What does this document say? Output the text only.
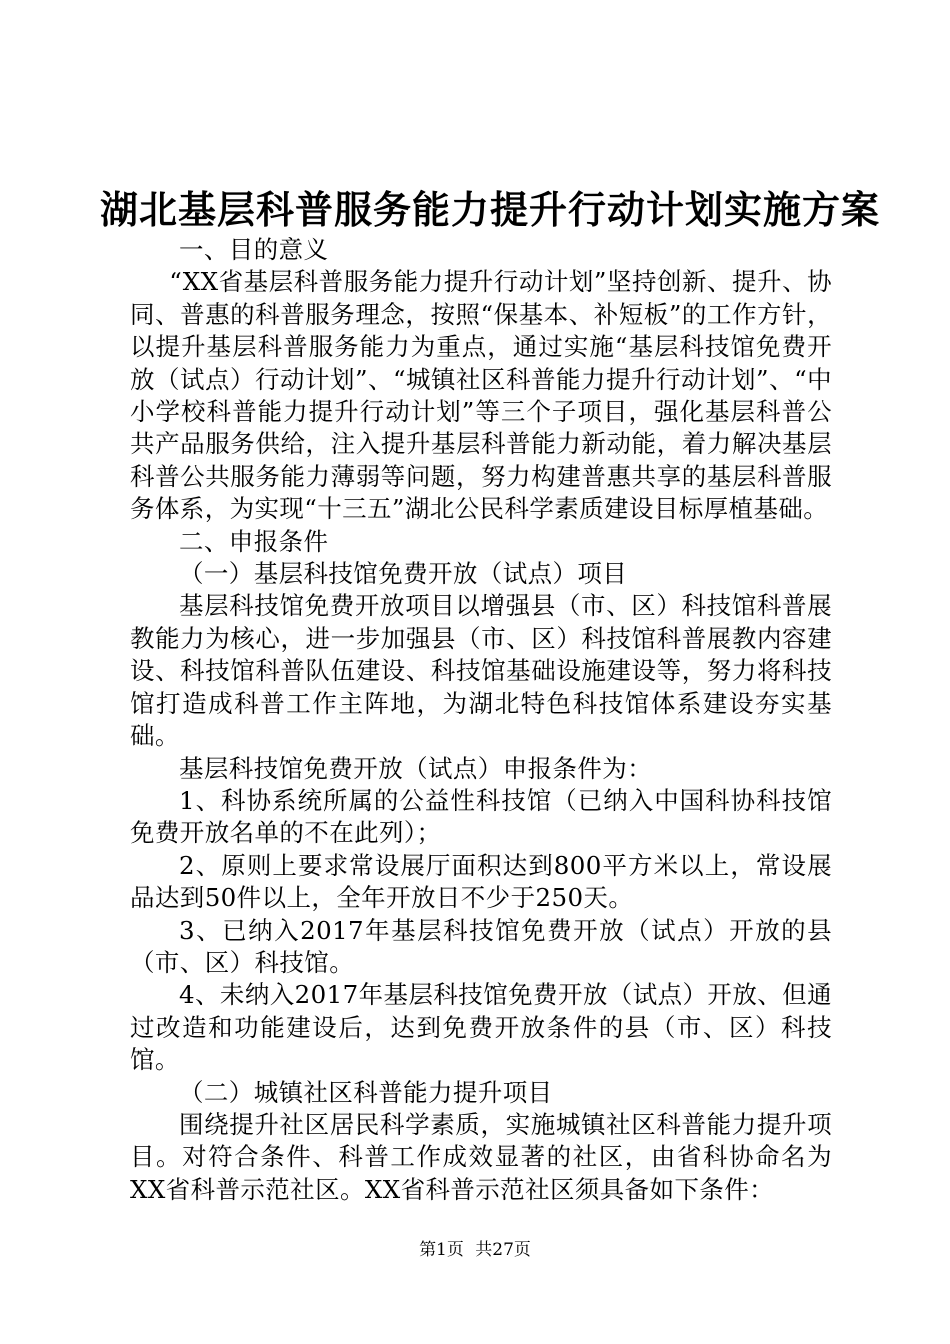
湖北基层科普服务能力提升行动计划实施方案

一、目的意义

“XX省基层科普服务能力提升行动计划”坚持创新、提升、协同、普惠的科普服务理念，按照“保基本、补短板”的工作方针，以提升基层科普服务能力为重点，通过实施“基层科技馆免费开放（试点）行动计划”、“城镇社区科普能力提升行动计划”、“中小学校科普能力提升行动计划”等三个子项目，强化基层科普公共产品服务供给，注入提升基层科普能力新动能，着力解决基层科普公共服务能力薄弱等问题，努力构建普惠共享的基层科普服务体系，为实现“十三五”湖北公民科学素质建设目标厚植基础。

二、申报条件

（一）基层科技馆免费开放（试点）项目

基层科技馆免费开放项目以增强县（市、区）科技馆科普展教能力为核心，进一步加强县（市、区）科技馆科普展教内容建设、科技馆科普队伍建设、科技馆基础设施建设等，努力将科技馆打造成科普工作主阵地，为湖北特色科技馆体系建设夯实基础。

基层科技馆免费开放（试点）申报条件为：

1、科协系统所属的公益性科技馆（已纳入中国科协科技馆免费开放名单的不在此列）；

2、原则上要求常设展厅面积达到800平方米以上，常设展品达到50件以上，全年开放日不少于250天。

3、已纳入2017年基层科技馆免费开放（试点）开放的县（市、区）科技馆。

4、未纳入2017年基层科技馆免费开放（试点）开放、但通过改造和功能建设后，达到免费开放条件的县（市、区）科技馆。

（二）城镇社区科普能力提升项目

围绕提升社区居民科学素质，实施城镇社区科普能力提升项目。对符合条件、科普工作成效显著的社区，由省科协命名为XX省科普示范社区。XX省科普示范社区须具备如下条件：

第1页 共27页
